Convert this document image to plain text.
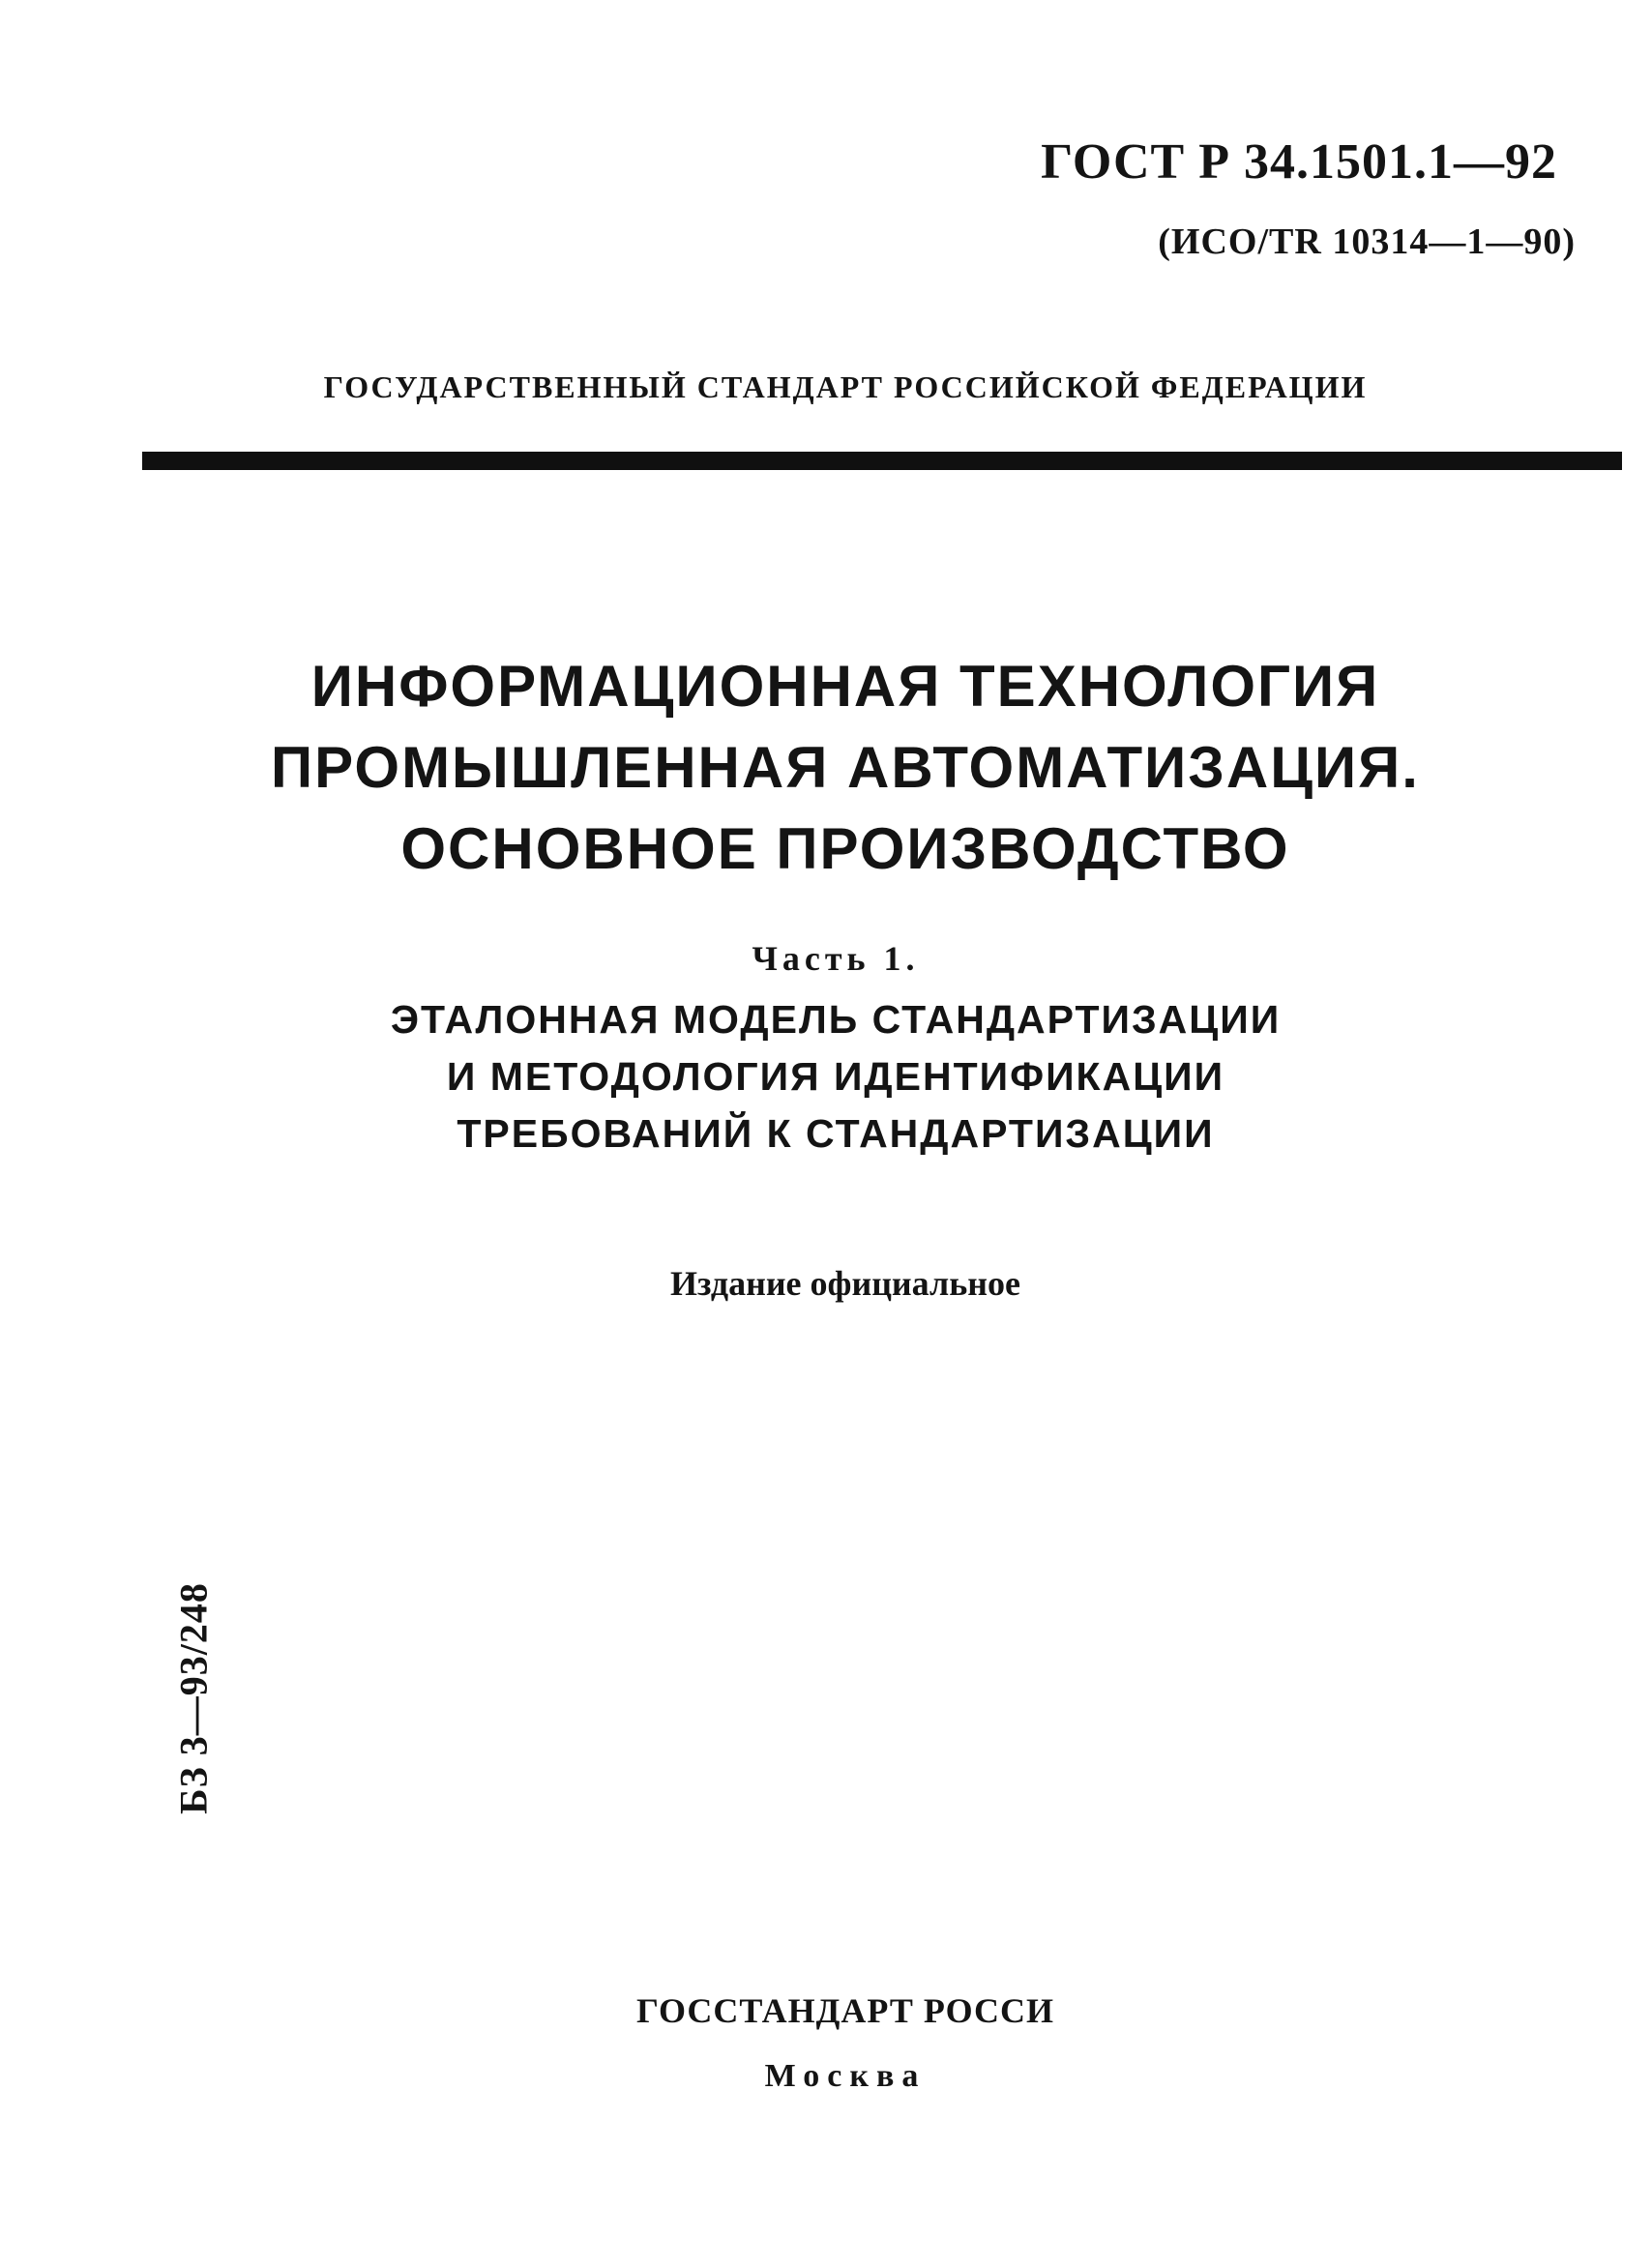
ГОСТ Р 34.1501.1—92
(ИСО/TR 10314—1—90)
ГОСУДАРСТВЕННЫЙ СТАНДАРТ РОССИЙСКОЙ ФЕДЕРАЦИИ
ИНФОРМАЦИОННАЯ ТЕХНОЛОГИЯ
ПРОМЫШЛЕННАЯ АВТОМАТИЗАЦИЯ.
ОСНОВНОЕ ПРОИЗВОДСТВО
Часть 1.
ЭТАЛОННАЯ МОДЕЛЬ СТАНДАРТИЗАЦИИ
И МЕТОДОЛОГИЯ ИДЕНТИФИКАЦИИ
ТРЕБОВАНИЙ К СТАНДАРТИЗАЦИИ
Издание официальное
БЗ 3—93/248
ГОССТАНДАРТ РОССИ
Москва
